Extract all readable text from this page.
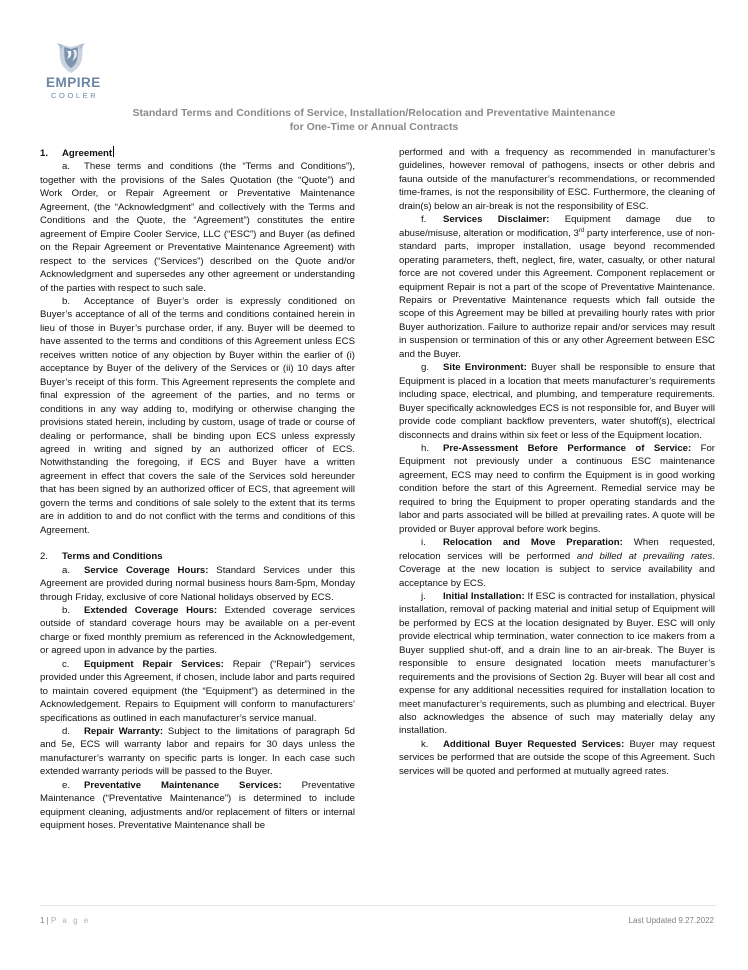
EMPIRE
COOLER
Standard Terms and Conditions of Service, Installation/Relocation and Preventative Maintenance
for One-Time or Annual Contracts

1. Agreement

a. These terms and conditions (the “Terms and Conditions”), together with the provisions of the Sales Quotation (the “Quote”) and Work Order, or Repair Agreement or Preventative Maintenance Agreement, (the “Acknowledgment” and collectively with the Terms and Conditions and the Quote, the “Agreement”) constitutes the entire agreement of Empire Cooler Service, LLC (“ESC”) and Buyer (as defined on the Repair Agreement or Preventative Maintenance Agreement) with respect to the services (“Services”) described on the Quote and/or Acknowledgment and supersedes any other agreement or understanding of the parties with respect to such sale.

b. Acceptance of Buyer’s order is expressly conditioned on Buyer’s acceptance of all of the terms and conditions contained herein in lieu of those in Buyer’s purchase order, if any. Buyer will be deemed to have assented to the terms and conditions of this Agreement unless ECS receives written notice of any objection by Buyer within the earlier of (i) acceptance by Buyer of the delivery of the Services or (ii) 10 days after Buyer’s receipt of this form. This Agreement represents the complete and final expression of the agreement of the parties, and no terms or conditions in any way adding to, modifying or otherwise changing the provisions stated herein, including by custom, usage of trade or course of dealing or performance, shall be binding upon ECS unless expressly agreed in writing and signed by an authorized officer of ECS. Notwithstanding the foregoing, if ECS and Buyer have a written agreement in effect that covers the sale of the Services sold hereunder that has been signed by an authorized officer of ECS, that agreement will govern the terms and conditions of sale solely to the extent that its terms are in addition to and do not conflict with the terms and conditions of this Agreement.

2. Terms and Conditions

a. Service Coverage Hours: Standard Services under this Agreement are provided during normal business hours 8am-5pm, Monday through Friday, exclusive of core National holidays observed by ECS.

b. Extended Coverage Hours: Extended coverage services outside of standard coverage hours may be available on a per-event charge or fixed monthly premium as referenced in the Acknowledgement, or agreed upon in advance by the parties.

c. Equipment Repair Services: Repair (“Repair”) services provided under this Agreement, if chosen, include labor and parts required to maintain covered equipment (the “Equipment”) as determined in the Acknowledgement. Repairs to Equipment will conform to manufacturers’ specifications as outlined in each manufacturer’s service manual.

d. Repair Warranty: Subject to the limitations of paragraph 5d and 5e, ECS will warranty labor and repairs for 30 days unless the manufacturer’s warranty on specific parts is longer. In each case such extended warranty periods will be passed to the Buyer.

e. Preventative Maintenance Services: Preventative Maintenance (“Preventative Maintenance”) is determined to include equipment cleaning, adjustments and/or replacement of filters or internal equipment hoses. Preventative Maintenance shall be

performed and with a frequency as recommended in manufacturer’s guidelines, however removal of pathogens, insects or other debris and fauna outside of the manufacturer’s recommendations, or recommended time-frames, is not the responsibility of ESC. Furthermore, the cleaning of drain(s) below an air-break is not the responsibility of ESC.

f. Services Disclaimer: Equipment damage due to abuse/misuse, alteration or modification, 3rd party interference, use of non-standard parts, improper installation, usage beyond recommended operating parameters, theft, neglect, fire, water, casualty, or other natural force are not covered under this Agreement. Component replacement or equipment Repair is not a part of the scope of Preventative Maintenance. Repairs or Preventative Maintenance requests which fall outside the scope of this Agreement may be billed at prevailing hourly rates with prior Buyer authorization. Failure to authorize repair and/or services may result in suspension or termination of this or any other Agreement between ESC and the Buyer.

g. Site Environment: Buyer shall be responsible to ensure that Equipment is placed in a location that meets manufacturer’s requirements including space, electrical, and plumbing, and temperature requirements. Buyer specifically acknowledges ECS is not responsible for, and Buyer will provide code compliant backflow preventers, water shutoff(s), electrical disconnects and drains within six feet or less of the Equipment location.

h. Pre-Assessment Before Performance of Service: For Equipment not previously under a continuous ESC maintenance agreement, ECS may need to confirm the Equipment is in good working condition before the start of this Agreement. Remedial service may be required to bring the Equipment to proper operating standards and the labor and parts associated will be billed at prevailing rates. A quote will be provided or Buyer approval before work begins.

i. Relocation and Move Preparation: When requested, relocation services will be performed and billed at prevailing rates. Coverage at the new location is subject to service availability and acceptance by ECS.

j. Initial Installation: If ESC is contracted for installation, physical installation, removal of packing material and initial setup of Equipment will be performed by ECS at the location designated by Buyer. ESC will only provide electrical whip termination, water connection to ice makers from a Buyer supplied shut-off, and a drain line to an air-break. The Buyer is responsible to ensure designated location meets manufacturer’s requirements and the provisions of Section 2g. Buyer will bear all cost and expense for any additional necessities required for installation location to meet manufacturer’s requirements, such as plumbing and electrical. Buyer also acknowledges the absence of such may materially delay any installation.

k. Additional Buyer Requested Services: Buyer may request services be performed that are outside the scope of this Agreement. Such services will be quoted and performed at mutually agreed rates.

1 | P a g e	Last Updated 9.27.2022
